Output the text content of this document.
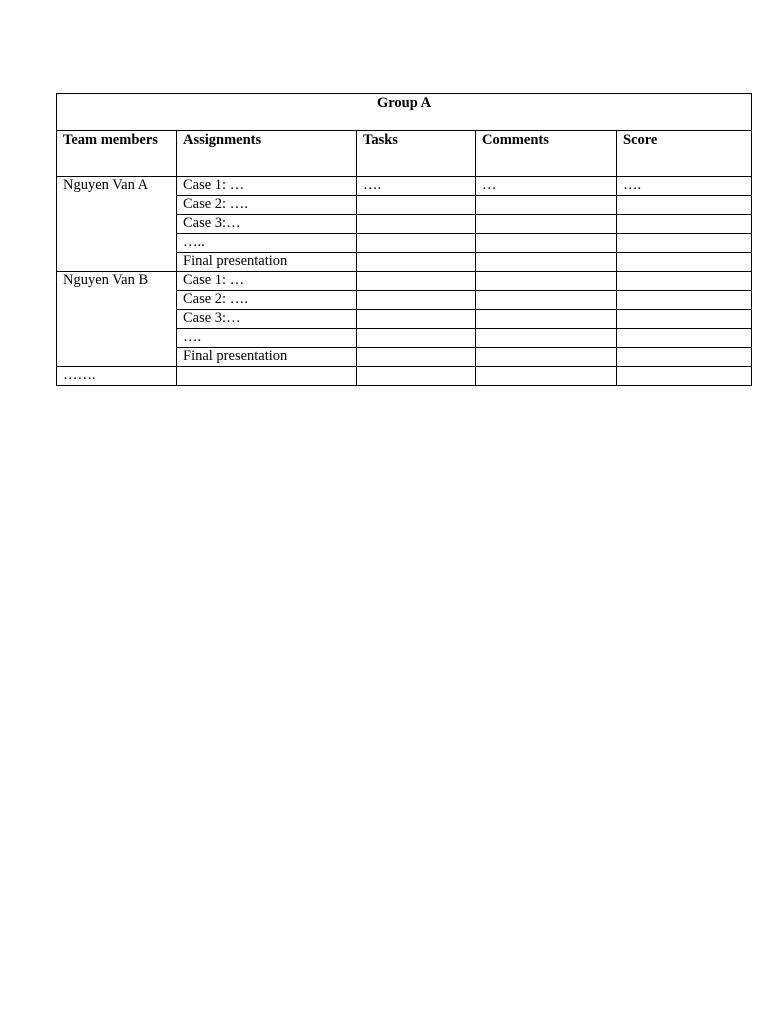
Group A				
Team members	Assignments	Tasks	Comments	Score
Nguyen Van A	Case 1: …	….	…	….
	Case 2: ….			
	Case 3:…			
	…..			
	Final presentation			
Nguyen Van B	Case 1: …			
	Case 2: ….			
	Case 3:…			
	….			
	Final presentation			
…….				
